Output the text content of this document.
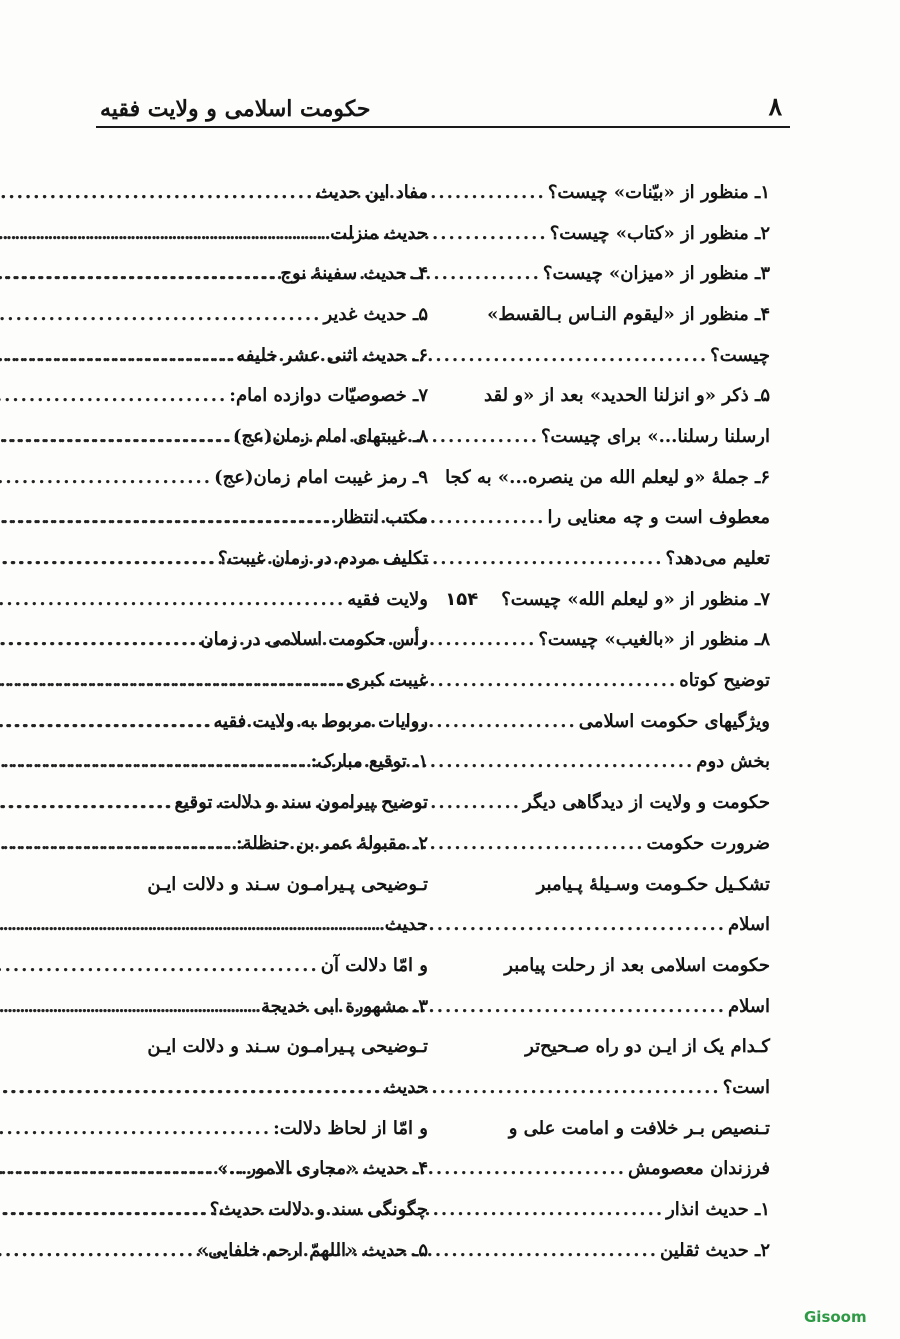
۸
حکومت اسلامی و ولایت فقیه
۱ـ منظور از «بیّنات» چیست؟
.....
۲ـ منظور از «کتاب» چیست؟
.....
۳ـ منظور از «میزان» چیست؟
.....
۴ـ منظور از «لیقوم النـاس بـالقسط»
چیست؟
.....
۵ـ ذکر «و انزلنا الحدید» بعد از «و لقد
ارسلنا رسلنا...» برای چیست؟
.....
۶ـ جملهٔ «و لیعلم الله من ینصره...» به کجا
معطوف است و چه معنایی را
.....
تعلیم می‌دهد؟
.....
۷ـ منظور از «و لیعلم الله» چیست؟
۱۵۴
۸ـ منظور از «بالغیب» چیست؟
.....
توضیح کوتاه
.....
ویژگیهای حکومت اسلامی
.....
بخش دوم
.....
حکومت و ولایت از دیدگاهی دیگر
.....
ضرورت حکومت
.....
تشکـیل حکـومت وسـیلهٔ پـیامبر
اسلام
.....
حکومت اسلامی بعد از رحلت پیامبر
اسلام
.....
کـدام یک از ایـن دو راه صـحیح‌تر
است؟
.....
تـنصیص بـر خلافت و امامت علی و
فرزندان معصومش
.....
۱ـ حدیث انذار
.....
۲ـ حدیث ثقلین
.....
مفاد این حدیث
.....
حدیث منزلت
.....
۴ـ حدیث سفینهٔ نوح
.....
۵ـ حدیث غدیر
.....
۶ـ حدیث اثنی عشر خلیفه
.....
۷ـ خصوصیّات دوازده امام:
.....
۸ـ غیبتهای امام زمان(عج)
.....
۹ـ رمز غیبت امام زمان(عج)
.....
مکتب انتظار
.....
تکلیف مردم در زمان غیبت؟
.....
ولایت فقیه
.....
رأس حکومت اسلامی در زمان
.....
غیبت کبری
.....
روایات مربوط به ولایت فقیه
.....
۱ـ توقیع مبارک:
.....
توضیح پیرامون سند و دلالت توقیع
.....
۲ـ مقبولهٔ عمر بن حنظلة:
.....
تـوضیحی پـیرامـون سـند و دلالت ایـن
حدیث
.....
و امّا دلالت آن
.....
۳ـ مشهورة ابی خدیجة
.....
تـوضیحی پـیرامـون سـند و دلالت ایـن
حدیث
.....
و امّا از لحاظ دلالت:
.....
۴ـ حدیث «مجاری الامور...»
.....
چگونگی سند و دلالت حدیث؟
.....
۵ـ حدیث «اللهمّ ارحم خلفایی»
.....
Gisoom
